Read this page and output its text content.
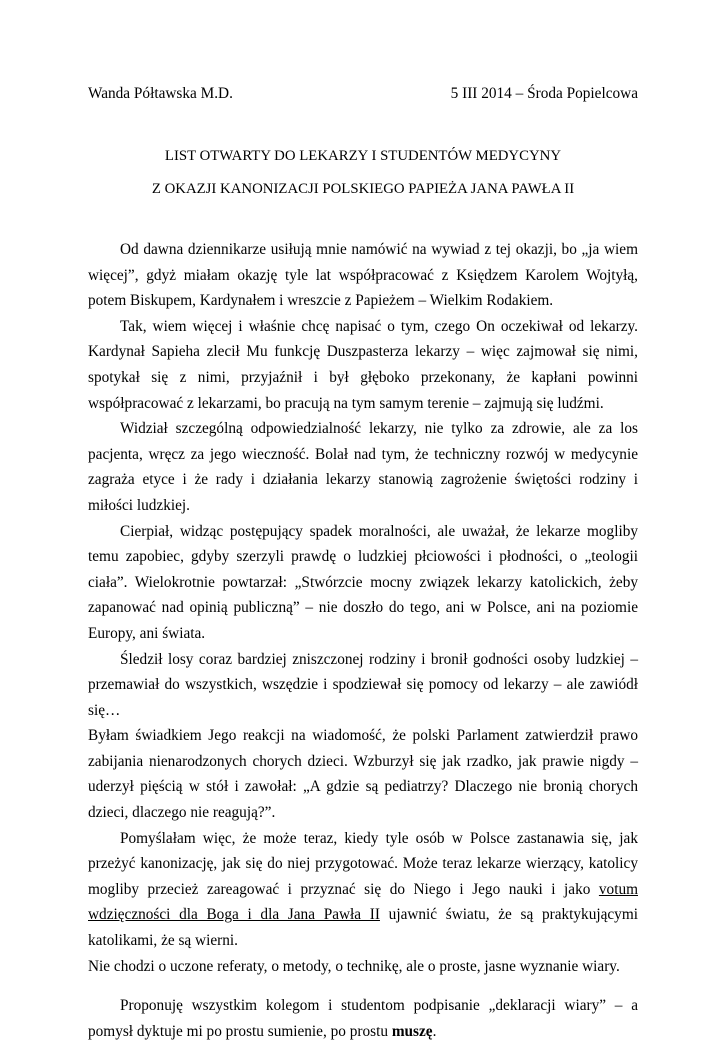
Wanda Półtawska M.D.	5 III 2014 – Środa Popielcowa
LIST OTWARTY DO LEKARZY I STUDENTÓW MEDYCYNY
Z OKAZJI KANONIZACJI POLSKIEGO PAPIEŻA JANA PAWŁA II

Od dawna dziennikarze usiłują mnie namówić na wywiad z tej okazji, bo „ja wiem więcej”, gdyż miałam okazję tyle lat współpracować z Księdzem Karolem Wojtyłą, potem Biskupem, Kardynałem i wreszcie z Papieżem – Wielkim Rodakiem.

Tak, wiem więcej i właśnie chcę napisać o tym, czego On oczekiwał od lekarzy. Kardynał Sapieha zlecił Mu funkcję Duszpasterza lekarzy – więc zajmował się nimi, spotykał się z nimi, przyjaźnił i był głęboko przekonany, że kapłani powinni współpracować z lekarzami, bo pracują na tym samym terenie – zajmują się ludźmi.

Widział szczególną odpowiedzialność lekarzy, nie tylko za zdrowie, ale za los pacjenta, wręcz za jego wieczność. Bolał nad tym, że techniczny rozwój w medycynie zagraża etyce i że rady i działania lekarzy stanowią zagrożenie świętości rodziny i miłości ludzkiej.

Cierpiał, widząc postępujący spadek moralności, ale uważał, że lekarze mogliby temu zapobiec, gdyby szerzyli prawdę o ludzkiej płciowości i płodności, o „teologii ciała”. Wielokrotnie powtarzał: „Stwórzcie mocny związek lekarzy katolickich, żeby zapanować nad opinią publiczną” – nie doszło do tego, ani w Polsce, ani na poziomie Europy, ani świata.

Śledził losy coraz bardziej zniszczonej rodziny i bronił godności osoby ludzkiej – przemawiał do wszystkich, wszędzie i spodziewał się pomocy od lekarzy – ale zawiódł się…

Byłam świadkiem Jego reakcji na wiadomość, że polski Parlament zatwierdził prawo zabijania nienarodzonych chorych dzieci. Wzburzył się jak rzadko, jak prawie nigdy – uderzył pięścią w stół i zawołał: „A gdzie są pediatrzy? Dlaczego nie bronią chorych dzieci, dlaczego nie reagują?”.

Pomyślałam więc, że może teraz, kiedy tyle osób w Polsce zastanawia się, jak przeżyć kanonizację, jak się do niej przygotować. Może teraz lekarze wierzący, katolicy mogliby przecież zareagować i przyznać się do Niego i Jego nauki i jako votum wdzięczności dla Boga i dla Jana Pawła II ujawnić światu, że są praktykującymi katolikami, że są wierni.

Nie chodzi o uczone referaty, o metody, o technikę, ale o proste, jasne wyznanie wiary.

Proponuję wszystkim kolegom i studentom podpisanie „deklaracji wiary” – a pomysł dyktuje mi po prostu sumienie, po prostu muszę.
